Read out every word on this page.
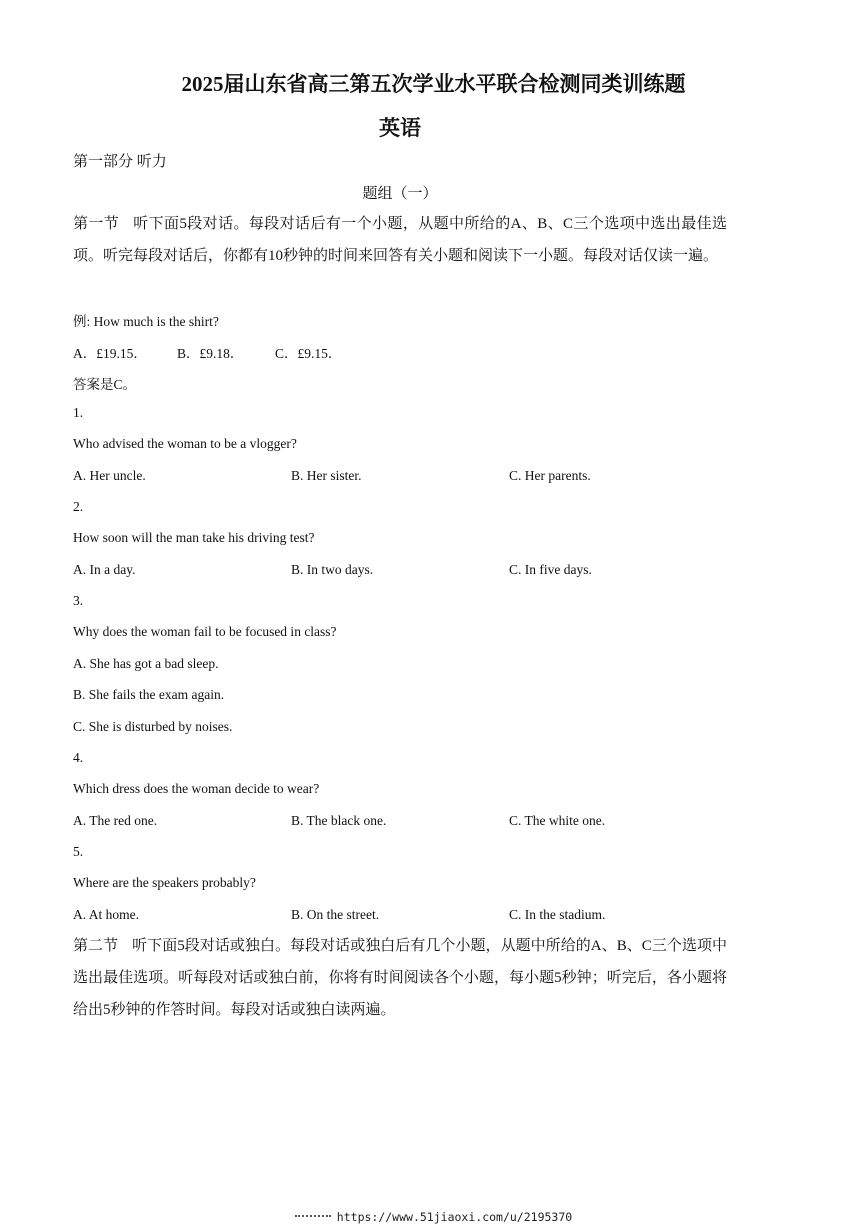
2025届山东省高三第五次学业水平联合检测同类训练题
英语
第一部分 听力
题组（一）
第一节 听下面5段对话。每段对话后有一个小题，从题中所给的A、B、C三个选项中选出最佳选项。听完每段对话后，你都有10秒钟的时间来回答有关小题和阅读下一小题。每段对话仅读一遍。
例: How much is the shirt?
A．£19.15． B．£9.18． C．£9.15．
答案是C。
1.
Who advised the woman to be a vlogger?
A. Her uncle.	B. Her sister.	C. Her parents.
2.
How soon will the man take his driving test?
A. In a day.	B. In two days.	C. In five days.
3.
Why does the woman fail to be focused in class?
A. She has got a bad sleep.
B. She fails the exam again.
C. She is disturbed by noises.
4.
Which dress does the woman decide to wear?
A. The red one.	B. The black one.	C. The white one.
5.
Where are the speakers probably?
A. At home.	B. On the street.	C. In the stadium.
第二节 听下面5段对话或独白。每段对话或独白后有几个小题，从题中所给的A、B、C三个选项中选出最佳选项。听每段对话或独白前，你将有时间阅读各个小题，每小题5秒钟；听完后，各小题将给出5秒钟的作答时间。每段对话或独白读两遍。
https://www.51jiaoxi.com/u/2195370
